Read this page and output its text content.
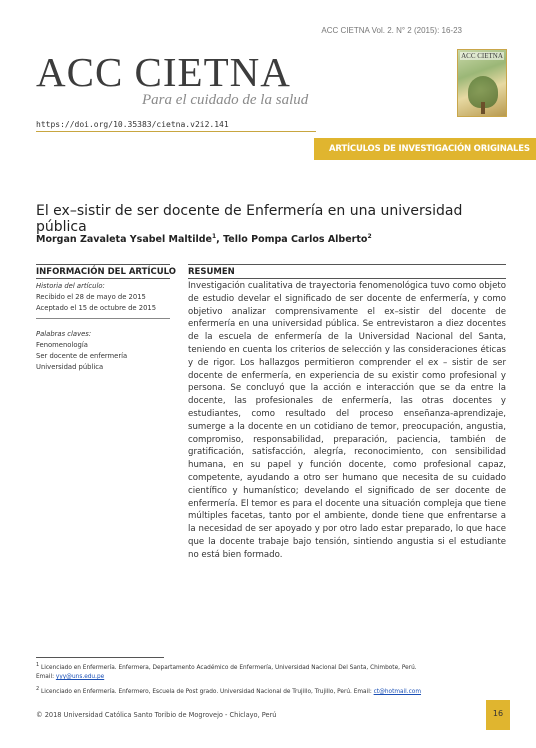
ACC CIETNA Vol. 2. N° 2 (2015): 16-23
ACC CIETNA
Para el cuidado de la salud
ACC CIETNA
https://doi.org/10.35383/cietna.v2i2.141
ARTÍCULOS DE INVESTIGACIÓN ORIGINALES
El ex–sistir de ser docente de Enfermería en una universidad pública
Morgan Zavaleta Ysabel Maltilde$^1$, Tello Pompa Carlos Alberto$^2$
INFORMACIÓN DEL ARTÍCULO RESUMEN
Historia del artículo:
Recibido el 28 de mayo de 2015
Aceptado el 15 de octubre de 2015
Palabras claves:
Fenomenología
Ser docente de enfermería
Universidad pública
Investigación cualitativa de trayectoria fenomenológica tuvo como objeto de estudio develar el significado de ser docente de enfermería, y como objetivo analizar comprensivamente el ex–sistir del docente de enfermería en una universidad pública. Se entrevistaron a diez docentes de la escuela de enfermería de la Universidad Nacional del Santa, teniendo en cuenta los criterios de selección y las consideraciones éticas y de rigor. Los hallazgos permitieron comprender el ex – sistir de ser docente de enfermería, en experiencia de su existir como profesional y persona. Se concluyó que la acción e interacción que se da entre la docente, las profesionales de enfermería, las otras docentes y estudiantes, como resultado del proceso enseñanza-aprendizaje, sumerge a la docente en un cotidiano de temor, preocupación, angustia, compromiso, responsabilidad, preparación, paciencia, también de gratificación, satisfacción, alegría, reconocimiento, con sensibilidad humana, en su papel y función docente, como profesional capaz, competente, ayudando a otro ser humano que necesita de su cuidado científico y humanístico; develando el significado de ser docente de enfermería. El temor es para el docente una situación compleja que tiene múltiples facetas, tanto por el ambiente, donde tiene que enfrentarse a la necesidad de ser apoyado y por otro lado estar preparado, lo que hace que la docente trabaje bajo tensión, sintiendo angustia si el estudiante no está bien formado.
$^1$ Licenciado en Enfermería. Enfermera, Departamento Académico de Enfermería, Universidad Nacional Del Santa, Chimbote, Perú.
Email: yyy@uns.edu.pe
$^2$ Licenciado en Enfermería. Enfermero, Escuela de Post grado. Universidad Nacional de Trujillo, Trujillo, Perú. Email: ct@hotmail.com
© 2018 Universidad Católica Santo Toribio de Mogrovejo - Chiclayo, Perú	16
